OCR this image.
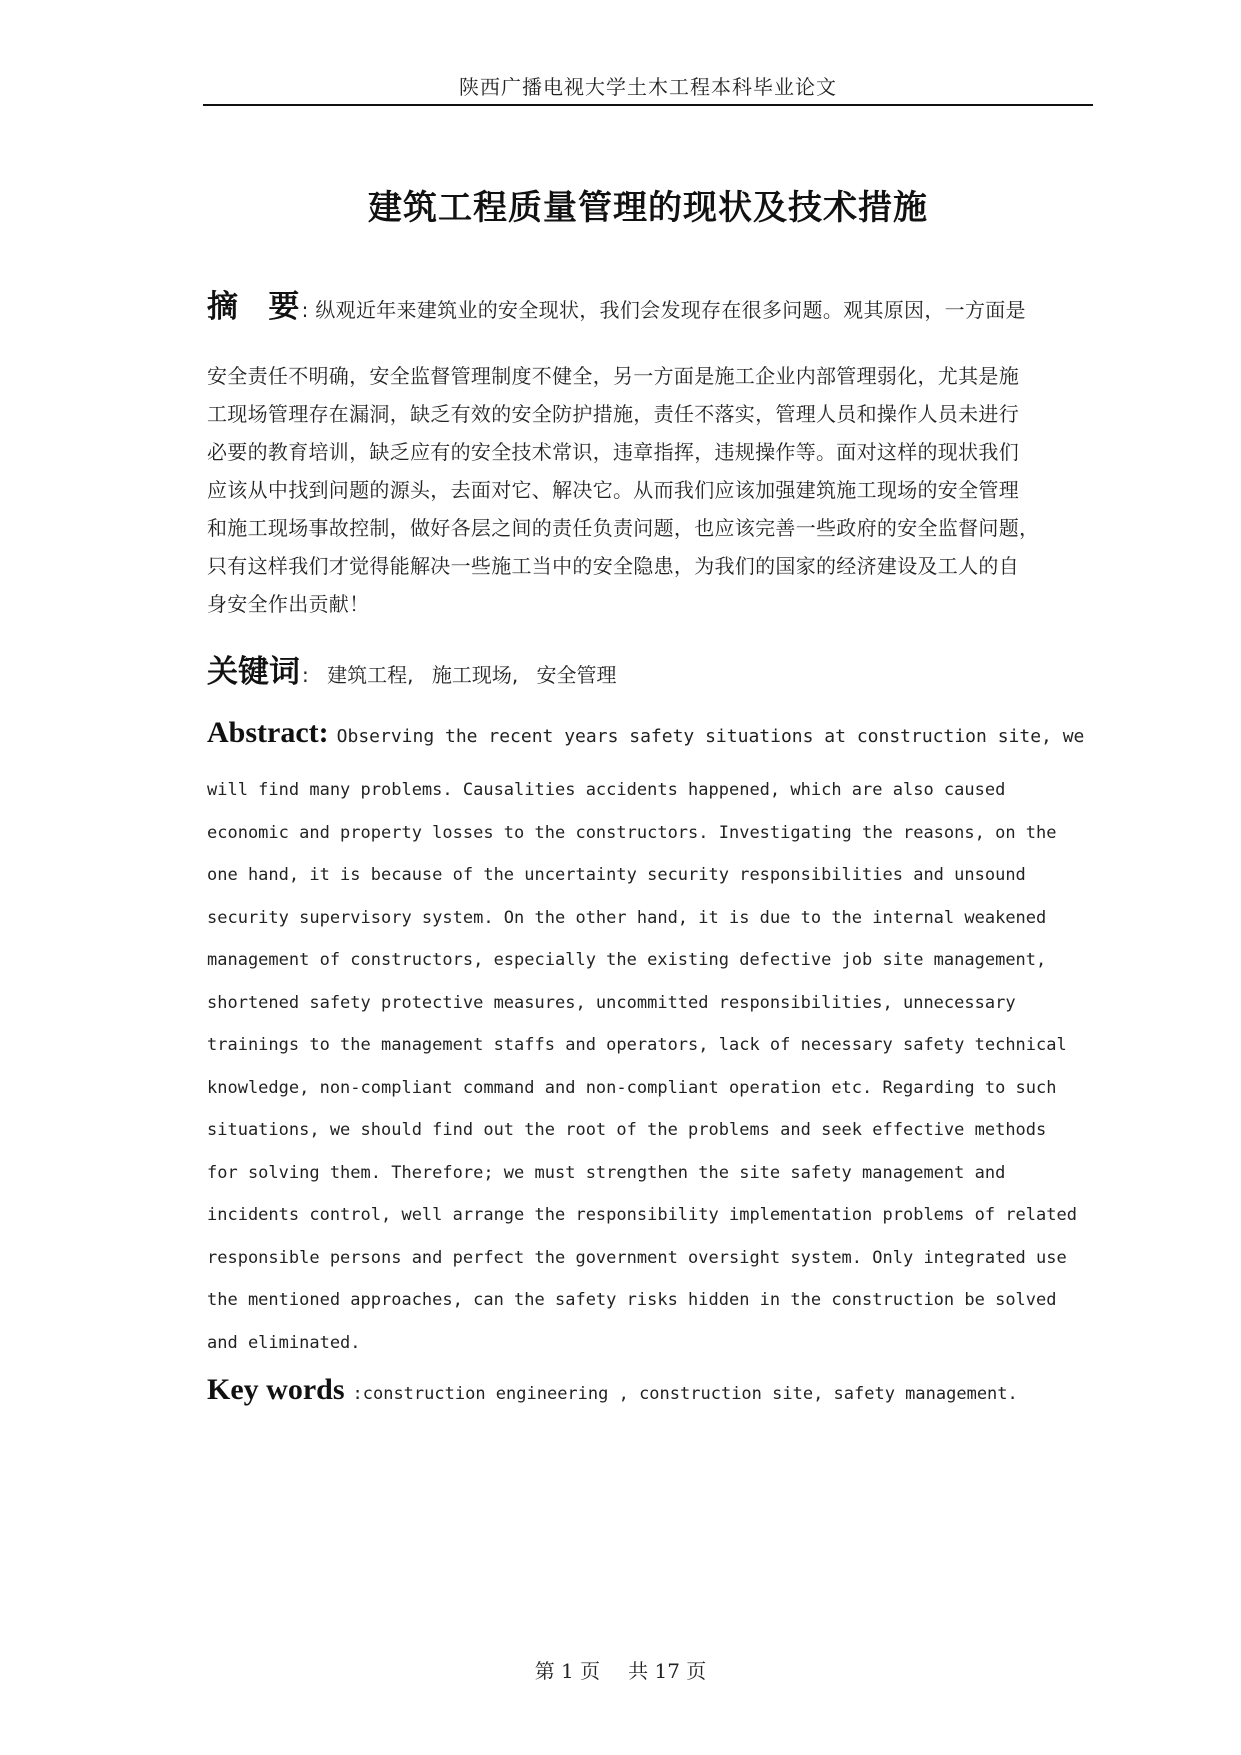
陕西广播电视大学土木工程本科毕业论文
建筑工程质量管理的现状及技术措施
摘 要 : 纵观近年来建筑业的安全现状，我们会发现存在很多问题。观其原因，一方面是
安全责任不明确，安全监督管理制度不健全，另一方面是施工企业内部管理弱化，尤其是施
工现场管理存在漏洞，缺乏有效的安全防护措施，责任不落实，管理人员和操作人员未进行
必要的教育培训，缺乏应有的安全技术常识，违章指挥，违规操作等。面对这样的现状我们
应该从中找到问题的源头，去面对它、解决它。从而我们应该加强建筑施工现场的安全管理
和施工现场事故控制，做好各层之间的责任负责问题，也应该完善一些政府的安全监督问题，
只有这样我们才觉得能解决一些施工当中的安全隐患，为我们的国家的经济建设及工人的自
身安全作出贡献！
关键词 : 建筑工程, 施工现场, 安全管理
Abstract: Observing the recent years safety situations at construction site, we
will find many problems. Causalities accidents happened, which are also caused
economic and property losses to the constructors. Investigating the reasons, on the
one hand, it is because of the uncertainty security responsibilities and unsound
security supervisory system. On the other hand, it is due to the internal weakened
management of constructors, especially the existing defective job site management,
shortened safety protective measures, uncommitted responsibilities, unnecessary
trainings to the management staffs and operators, lack of necessary safety technical
knowledge, non-compliant command and non-compliant operation etc. Regarding to such
situations, we should find out the root of the problems and seek effective methods
for solving them. Therefore; we must strengthen the site safety management and
incidents control, well arrange the responsibility implementation problems of related
responsible persons and perfect the government oversight system. Only integrated use
the mentioned approaches, can the safety risks hidden in the construction be solved
and eliminated.
Key words :construction engineering , construction site, safety management.
第 1 页 共 17 页
